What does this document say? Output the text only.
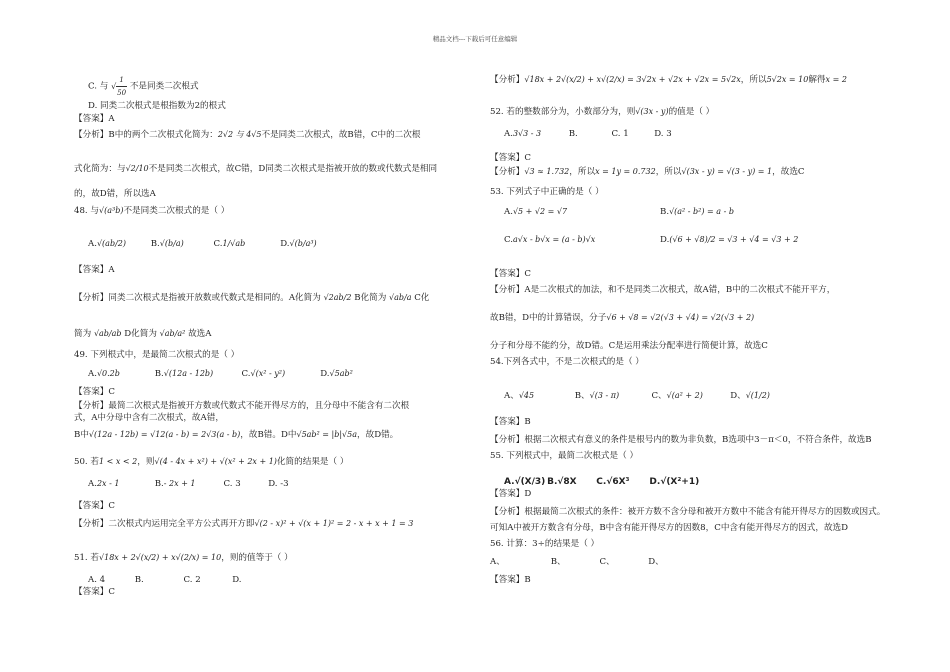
精品文档---下载后可任意编辑
C. 与 √ $\frac{1}{50}$ 不是同类二次根式
D. 同类二次根式是根指数为2的根式
【答案】A
【分析】B中的两个二次根式化简为：2√2 与 4√5不是同类二次根式，故B错，C中的二次根
式化简为：与√2/10不是同类二次根式，故C错，D同类二次根式是指被开放的数或代数式是相同
的，故D错，所以选A
48. 与√(a³b)不是同类二次根式的是（ ）
A.√(ab/2)	B.√(b/a)	C.1/√ab	D.√(b/a³)
【答案】A
【分析】同类二次根式是指被开放数或代数式是相同的。A化简为 √2ab/2 B化简为 √ab/a C化
简为 √ab/ab D化简为 √ab/a² 故选A
49. 下列根式中，是最简二次根式的是（ ）
A.√0.2b	B.√(12a - 12b)	C.√(x² - y²)	D.√5ab²
【答案】C
【分析】最简二次根式是指被开方数或代数式不能开得尽方的，且分母中不能含有二次根
式，A中分母中含有二次根式，故A错，
B中√(12a - 12b) = √12(a - b) = 2√3(a - b)，故B错。D中√5ab² = |b|√5a，故D错。
50. 若1 < x < 2，则√(4 - 4x + x²) + √(x² + 2x + 1)化简的结果是（ ）
A.2x - 1	B.- 2x + 1	C. 3	D. -3
【答案】C
【分析】二次根式内运用完全平方公式再开方即√(2 - x)² + √(x + 1)² = 2 - x + x + 1 = 3
51. 若√18x + 2√(x/2) + x√(2/x) = 10，则的值等于（ ）
A. 4	B.	C. 2	D.
【答案】C
【分析】√18x + 2√(x/2) + x√(2/x) = 3√2x + √2x + √2x = 5√2x，所以5√2x = 10解得x = 2
52. 若的整数部分为，小数部分为，则√(3x - y)的值是（ ）
A.3√3 - 3	B.	C. 1	D. 3
【答案】C
【分析】√3 ≈ 1.732，所以x = 1y = 0.732，所以√(3x - y) = √(3 - y) = 1，故选C
53. 下列式子中正确的是（ ）
A.√5 + √2 = √7	B.√(a² - b²) = a - b
C.a√x - b√x = (a - b)√x	D.(√6 + √8)/2 = √3 + √4 = √3 + 2
【答案】C
【分析】A是二次根式的加法，和不是同类二次根式，故A错，B中的二次根式不能开平方，
故B错，D中的计算错误，分子√6 + √8 = √2(√3 + √4) = √2(√3 + 2)
分子和分母不能约分，故D错。C是运用乘法分配率进行简便计算，故选C
54.下列各式中，不是二次根式的是（ ）
A、√45	B、√(3 - π)	C、√(a² + 2)	D、√(1/2)
【答案】B
【分析】根据二次根式有意义的条件是根号内的数为非负数，B选项中3－π＜0，不符合条件，故选B
55. 下列根式中，最简二次根式是（ ）
A.√(X/3) B.√8X C.√6X³ D.√(X²+1)
【答案】D
【分析】根据最简二次根式的条件：被开方数不含分母和被开方数中不能含有能开得尽方的因数或因式。
可知A中被开方数含有分母，B中含有能开得尽方的因数8，C中含有能开得尽方的因式，故选D
56. 计算：3÷的结果是（ ）
A、	B、	C、	D、
【答案】B
